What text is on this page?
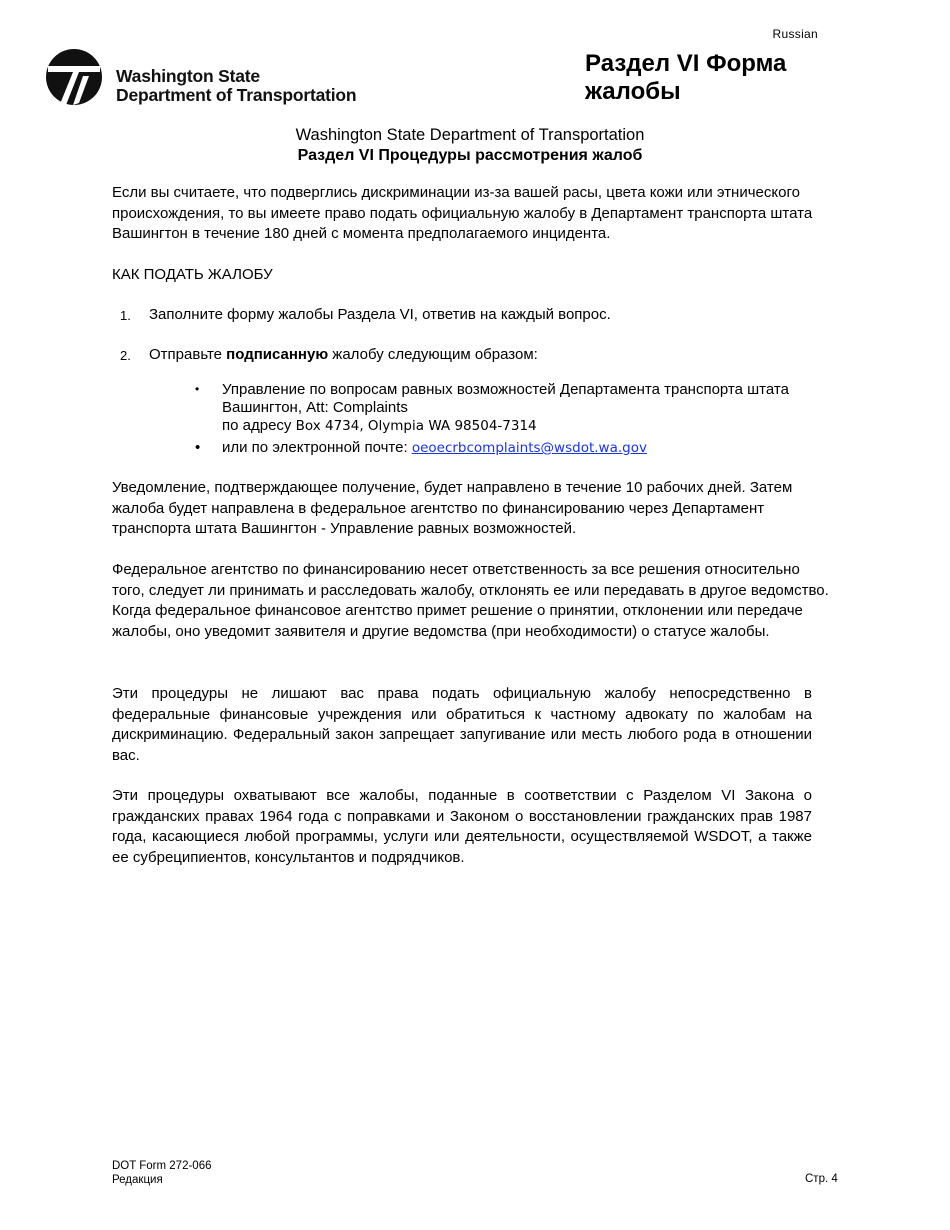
Russian
Washington State
Department of Transportation
Раздел VI Форма жалобы
Washington State Department of Transportation
Раздел VI Процедуры рассмотрения жалоб
Если вы считаете, что подверглись дискриминации из-за вашей расы, цвета кожи или этнического происхождения, то вы имеете право подать официальную жалобу в Департамент транспорта штата Вашингтон в течение 180 дней с момента предполагаемого инцидента.
КАК ПОДАТЬ ЖАЛОБУ
1. Заполните форму жалобы Раздела VI, ответив на каждый вопрос.
2. Отправьте подписанную жалобу следующим образом:
• Управление по вопросам равных возможностей Департамента транспорта штата
Вашингтон, Att: Complaints
по адресу Box 4734, Olympia WA 98504-7314
• или по электронной почте: oeoecrbcomplaints@wsdot.wa.gov
Уведомление, подтверждающее получение, будет направлено в течение 10 рабочих дней. Затем жалоба будет направлена в федеральное агентство по финансированию через Департамент транспорта штата Вашингтон - Управление равных возможностей.
Федеральное агентство по финансированию несет ответственность за все решения относительно того, следует ли принимать и расследовать жалобу, отклонять ее или передавать в другое ведомство. Когда федеральное финансовое агентство примет решение о принятии, отклонении или передаче жалобы, оно уведомит заявителя и другие ведомства (при необходимости) о статусе жалобы.
Эти процедуры не лишают вас права подать официальную жалобу непосредственно в федеральные финансовые учреждения или обратиться к частному адвокату по жалобам на дискриминацию. Федеральный закон запрещает запугивание или месть любого рода в отношении вас.
Эти процедуры охватывают все жалобы, поданные в соответствии с Разделом VI Закона о гражданских правах 1964 года с поправками и Законом о восстановлении гражданских прав 1987 года, касающиеся любой программы, услуги или деятельности, осуществляемой WSDOT, а также ее субреципиентов, консультантов и подрядчиков.
DOT Form 272-066
Редакция	Стр. 4
